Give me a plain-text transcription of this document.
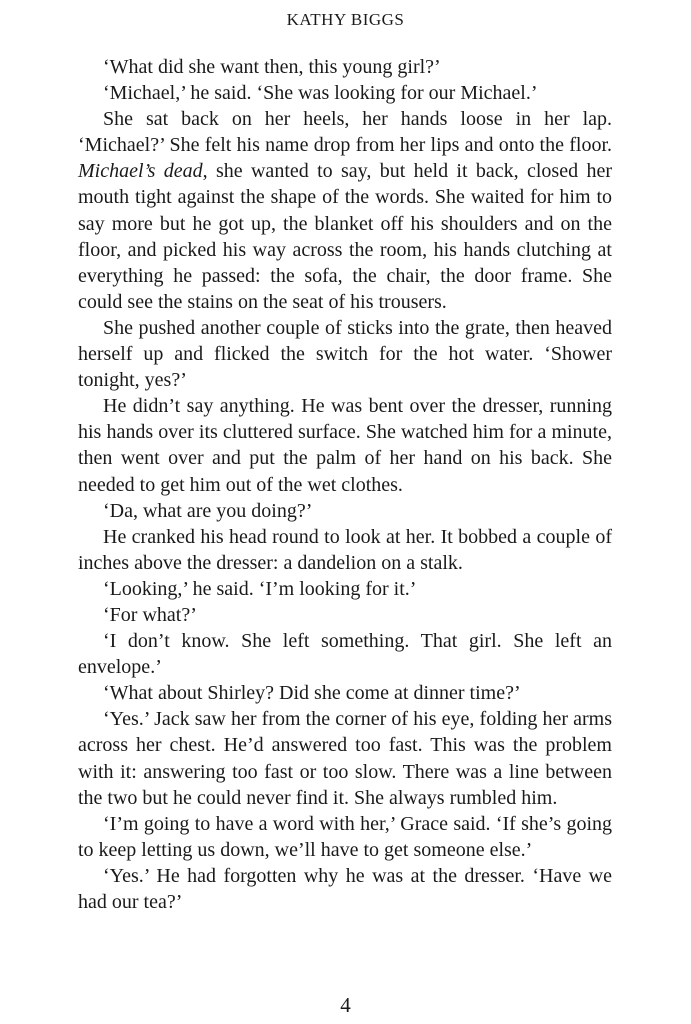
KATHY BIGGS

‘What did she want then, this young girl?’

‘Michael,’ he said. ‘She was looking for our Michael.’

She sat back on her heels, her hands loose in her lap. ‘Michael?’ She felt his name drop from her lips and onto the floor. Michael’s dead, she wanted to say, but held it back, closed her mouth tight against the shape of the words. She waited for him to say more but he got up, the blanket off his shoulders and on the floor, and picked his way across the room, his hands clutching at everything he passed: the sofa, the chair, the door frame. She could see the stains on the seat of his trousers.

She pushed another couple of sticks into the grate, then heaved herself up and flicked the switch for the hot water. ‘Shower tonight, yes?’

He didn’t say anything. He was bent over the dresser, running his hands over its cluttered surface. She watched him for a minute, then went over and put the palm of her hand on his back. She needed to get him out of the wet clothes.

‘Da, what are you doing?’

He cranked his head round to look at her. It bobbed a couple of inches above the dresser: a dandelion on a stalk.

‘Looking,’ he said. ‘I’m looking for it.’

‘For what?’

‘I don’t know. She left something. That girl. She left an envelope.’

‘What about Shirley? Did she come at dinner time?’

‘Yes.’ Jack saw her from the corner of his eye, folding her arms across her chest. He’d answered too fast. This was the problem with it: answering too fast or too slow. There was a line between the two but he could never find it. She always rumbled him.

‘I’m going to have a word with her,’ Grace said. ‘If she’s going to keep letting us down, we’ll have to get someone else.’

‘Yes.’ He had forgotten why he was at the dresser. ‘Have we had our tea?’

4
